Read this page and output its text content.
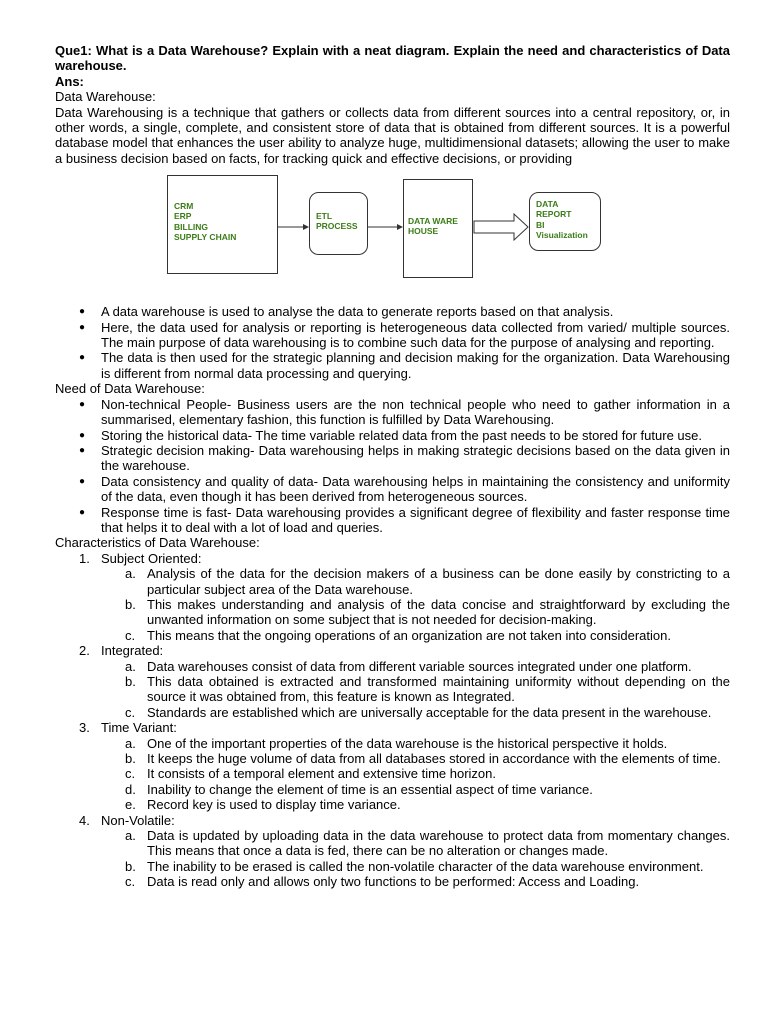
Que1: What is a Data Warehouse? Explain with a neat diagram. Explain the need and characteristics of Data warehouse.

Ans:

Data Warehouse:

Data Warehousing is a technique that gathers or collects data from different sources into a central repository, or, in other words, a single, complete, and consistent store of data that is obtained from different sources. It is a powerful database model that enhances the user ability to analyze huge, multidimensional datasets; allowing the user to make a business decision based on facts, for tracking quick and effective decisions, or providing

CRM
ERP
BILLING
SUPPLY CHAIN
ETL
PROCESS
DATA WARE
HOUSE
DATA
REPORT
BI
Visualization
● A data warehouse is used to analyse the data to generate reports based on that analysis.
● Here, the data used for analysis or reporting is heterogeneous data collected from varied/ multiple sources. The main purpose of data warehousing is to combine such data for the purpose of analysing and reporting.
● The data is then used for the strategic planning and decision making for the organization. Data Warehousing is different from normal data processing and querying.

Need of Data Warehouse:

● Non-technical People- Business users are the non technical people who need to gather information in a summarised, elementary fashion, this function is fulfilled by Data Warehousing.
● Storing the historical data- The time variable related data from the past needs to be stored for future use.
● Strategic decision making- Data warehousing helps in making strategic decisions based on the data given in the warehouse.
● Data consistency and quality of data- Data warehousing helps in maintaining the consistency and uniformity of the data, even though it has been derived from heterogeneous sources.
● Response time is fast- Data warehousing provides a significant degree of flexibility and faster response time that helps it to deal with a lot of load and queries.

Characteristics of Data Warehouse:

1. Subject Oriented:
a. Analysis of the data for the decision makers of a business can be done easily by constricting to a particular subject area of the Data warehouse.
b. This makes understanding and analysis of the data concise and straightforward by excluding the unwanted information on some subject that is not needed for decision-making.
c. This means that the ongoing operations of an organization are not taken into consideration.
2. Integrated:
a. Data warehouses consist of data from different variable sources integrated under one platform.
b. This data obtained is extracted and transformed maintaining uniformity without depending on the source it was obtained from, this feature is known as Integrated.
c. Standards are established which are universally acceptable for the data present in the warehouse.
3. Time Variant:
a. One of the important properties of the data warehouse is the historical perspective it holds.
b. It keeps the huge volume of data from all databases stored in accordance with the elements of time.
c. It consists of a temporal element and extensive time horizon.
d. Inability to change the element of time is an essential aspect of time variance.
e. Record key is used to display time variance.
4. Non-Volatile:
a. Data is updated by uploading data in the data warehouse to protect data from momentary changes. This means that once a data is fed, there can be no alteration or changes made.
b. The inability to be erased is called the non-volatile character of the data warehouse environment.
c. Data is read only and allows only two functions to be performed: Access and Loading.
